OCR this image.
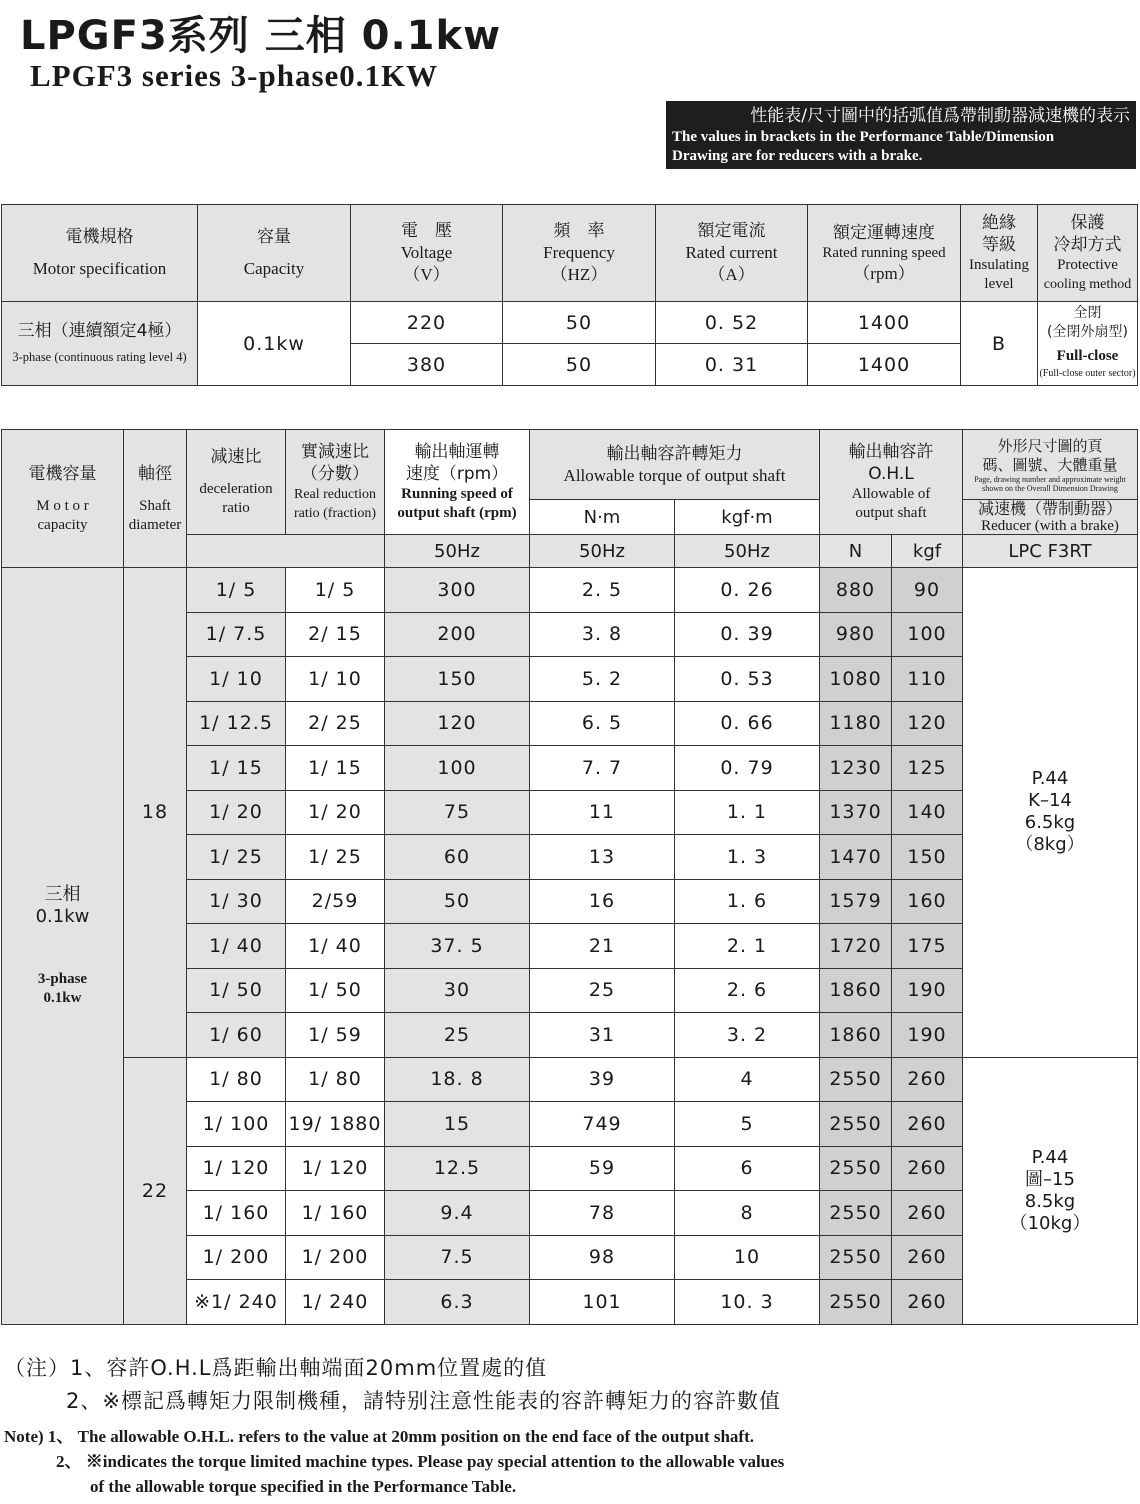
LPGF3系列 三相 0.1kw
LPGF3 series 3-phase0.1KW
性能表/尺寸圖中的括弧值爲帶制動器減速機的表示
The values in brackets in the Performance Table/Dimension
Drawing are for reducers with a brake.
電機規格
Motor specification	容量
Capacity	電　壓
Voltage
（V）	頻　率
Frequency
（HZ）	額定電流
Rated current
（A）	額定運轉速度
Rated running speed
（rpm）	絶緣
等級
Insulating
level	保護
冷却方式
Protective
cooling method

三相（連續額定4極）
3-phase (continuous rating level 4)	0.1kw	220	50	0. 52	1400	B	全閉
(全閉外扇型)
Full-close
(Full-close outer sector)

		380	50	0. 31	1400		
電機容量
M o t o r
capacity	軸徑
Shaft
diameter	减速比
deceleration
ratio	實減速比
（分數）
Real reduction
ratio (fraction)	輸出軸運轉
速度（rpm）
Running speed of
output shaft (rpm)	輸出軸容許轉矩力
Allowable torque of output shaft		輸出軸容許
O.H.L
Allowable of
output shaft		外形尺寸圖的頁
碼、圖號、大體重量
Page, drawing number and approximate weight
shown on the Overall Dimension Drawing

					N·m	kgf·m			减速機（帶制動器）
Reducer (with a brake)

				50Hz	50Hz	50Hz	N	kgf	LPC F3RT

三相
0.1kw
3-phase
0.1kw	18	1/ 5	1/ 5	300	2. 5	0. 26	880	90	P.44
K–14
6.5kg
（8kg）

		1/ 7.5	2/ 15	200	3. 8	0. 39	980	100	
		1/ 10	1/ 10	150	5. 2	0. 53	1080	110	
		1/ 12.5	2/ 25	120	6. 5	0. 66	1180	120	
		1/ 15	1/ 15	100	7. 7	0. 79	1230	125	
		1/ 20	1/ 20	75	11	1. 1	1370	140	
		1/ 25	1/ 25	60	13	1. 3	1470	150	
		1/ 30	2/59	50	16	1. 6	1579	160	
		1/ 40	1/ 40	37. 5	21	2. 1	1720	175	
		1/ 50	1/ 50	30	25	2. 6	1860	190	
		1/ 60	1/ 59	25	31	3. 2	1860	190	
	22	1/ 80	1/ 80	18. 8	39	4	2550	260	P.44
圖–15
8.5kg
（10kg）

		1/ 100	19/ 1880	15	749	5	2550	260	
		1/ 120	1/ 120	12.5	59	6	2550	260	
		1/ 160	1/ 160	9.4	78	8	2550	260	
		1/ 200	1/ 200	7.5	98	10	2550	260	
		※1/ 240	1/ 240	6.3	101	10. 3	2550	260	
（注）1、容許O.H.L爲距輸出軸端面20mm位置處的值
2、※標記爲轉矩力限制機種，請特别注意性能表的容許轉矩力的容許數值
Note) 1、 The allowable O.H.L. refers to the value at 20mm position on the end face of the output shaft.
2、 ※indicates the torque limited machine types. Please pay special attention to the allowable values
of the allowable torque specified in the Performance Table.
